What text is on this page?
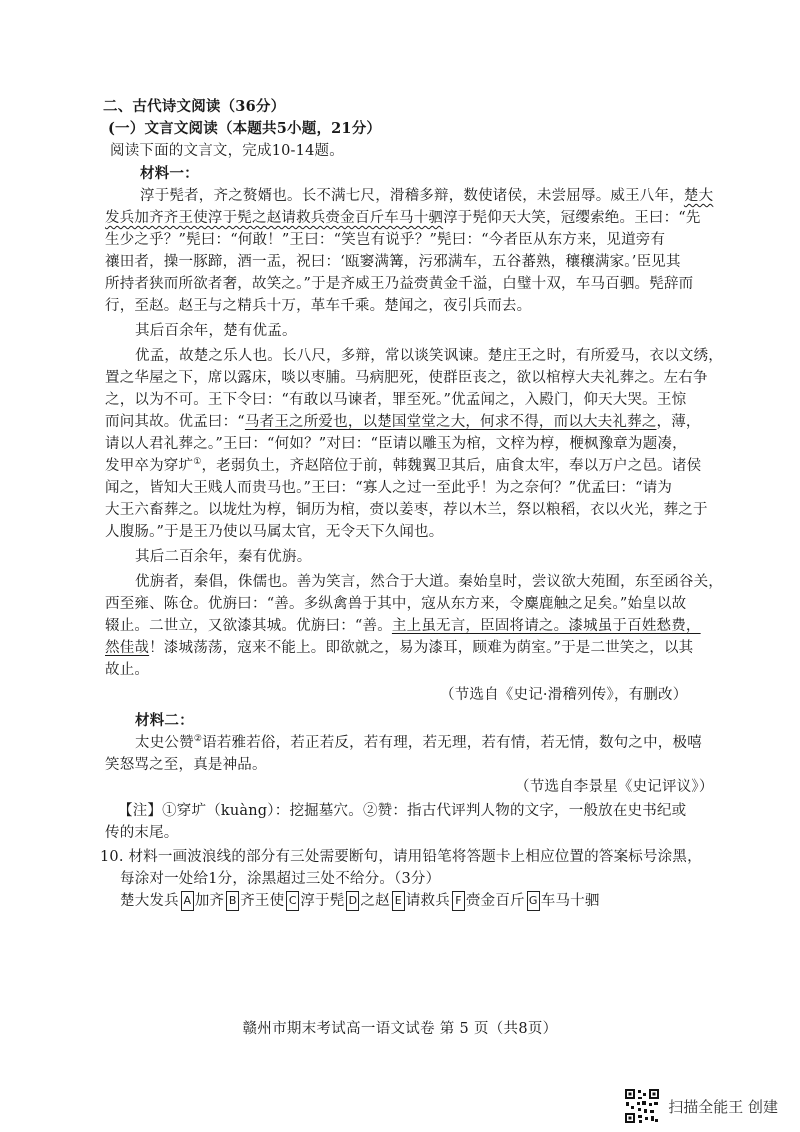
二、古代诗文阅读（36分）
(一）文言文阅读（本题共5小题，21分）
阅读下面的文言文，完成10-14题。
材料一：
淳于髡者，齐之赘婿也。长不满七尺，滑稽多辩，数使诸侯，未尝屈辱。威王八年，楚大
发兵加齐齐王使淳于髡之赵请救兵赍金百斤车马十驷淳于髡仰天大笑，冠缨索绝。王曰：“先
生少之乎？”髡曰：“何敢！”王曰：“笑岂有说乎？”髡曰：“今者臣从东方来，见道旁有
禳田者，操一豚蹄，酒一盂，祝曰：‘瓯窭满篝，污邪满车，五谷蕃熟，穰穰满家。’臣见其
所持者狭而所欲者奢，故笑之。”于是齐威王乃益赍黄金千溢，白璧十双，车马百驷。髡辞而
行，至赵。赵王与之精兵十万，革车千乘。楚闻之，夜引兵而去。
其后百余年，楚有优孟。
优孟，故楚之乐人也。长八尺，多辩，常以谈笑讽谏。楚庄王之时，有所爱马，衣以文绣，
置之华屋之下，席以露床，啖以枣脯。马病肥死，使群臣丧之，欲以棺椁大夫礼葬之。左右争
之，以为不可。王下令曰：“有敢以马谏者，罪至死。”优孟闻之，入殿门，仰天大哭。王惊
而问其故。优孟曰：“马者王之所爱也，以楚国堂堂之大，何求不得，而以大夫礼葬之，薄，
请以人君礼葬之。”王曰：“何如？”对曰：“臣请以雕玉为棺，文梓为椁，楩枫豫章为题凑，
发甲卒为穿圹①，老弱负土，齐赵陪位于前，韩魏翼卫其后，庙食太牢，奉以万户之邑。诸侯
闻之，皆知大王贱人而贵马也。”王曰：“寡人之过一至此乎！为之奈何？”优孟曰：“请为
大王六畜葬之。以垅灶为椁，铜历为棺，赍以姜枣，荐以木兰，祭以粮稻，衣以火光，葬之于
人腹肠。”于是王乃使以马属太官，无令天下久闻也。
其后二百余年，秦有优旃。
优旃者，秦倡，侏儒也。善为笑言，然合于大道。秦始皇时，尝议欲大苑囿，东至函谷关，
西至雍、陈仓。优旃曰：“善。多纵禽兽于其中，寇从东方来，令麋鹿触之足矣。”始皇以故
辍止。二世立，又欲漆其城。优旃曰：“善。主上虽无言，臣固将请之。漆城虽于百姓愁费，
然佳哉！漆城荡荡，寇来不能上。即欲就之，易为漆耳，顾难为荫室。”于是二世笑之，以其
故止。
（节选自《史记·滑稽列传》，有删改）
材料二：
太史公赞②语若雅若俗，若正若反，若有理，若无理，若有情，若无情，数句之中，极嘻
笑怒骂之至，真是神品。
（节选自李景星《史记评议》）
【注】①穿圹（kuàng）：挖掘墓穴。②赞：指古代评判人物的文字，一般放在史书纪或
传的末尾。
10. 材料一画波浪线的部分有三处需要断句，请用铅笔将答题卡上相应位置的答案标号涂黑，
每涂对一处给1分，涂黑超过三处不给分。（3分）
楚大发兵 A 加齐 B 齐王使 C 淳于髡 D 之赵 E 请救兵 F 赍金百斤 G 车马十驷
赣州市期末考试高一语文试卷 第 5 页（共8页）
扫描全能王 创建
